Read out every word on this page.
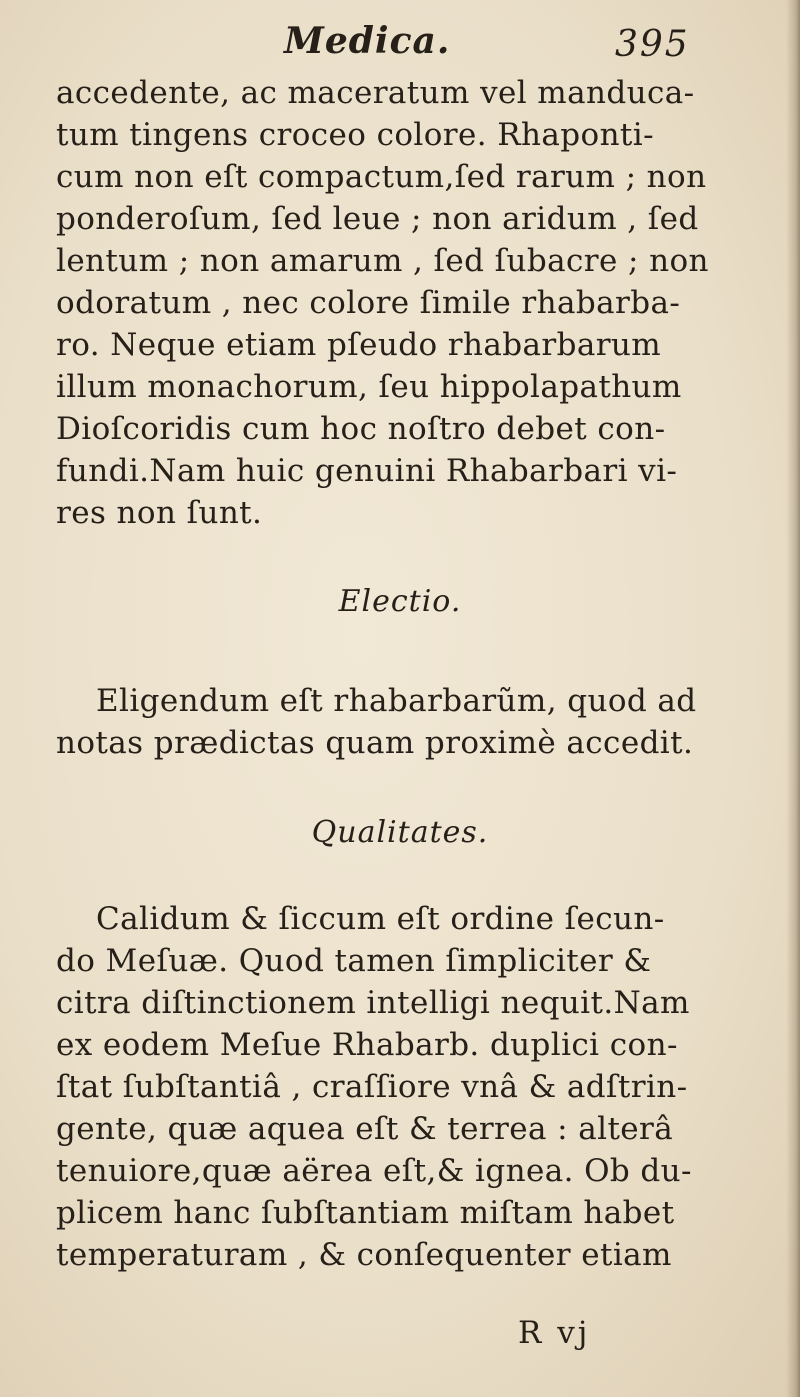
Medica.	395
accedente, ac maceratum vel manduca-
tum tingens croceo colore. Rhaponti-
cum non eſt compactum,ſed rarum ; non
ponderoſum, ſed leue ; non aridum , ſed
lentum ; non amarum , ſed ſubacre ; non
odoratum , nec colore ſimile rhabarba-
ro. Neque etiam pſeudo rhabarbarum
illum monachorum, ſeu hippolapathum
Dioſcoridis cum hoc noſtro debet con-
fundi.Nam huic genuini Rhabarbari vi-
res non ſunt.
Electio.
Eligendum eſt rhabarbarũm, quod ad
notas prædictas quam proximè accedit.
Qualitates.
Calidum & ſiccum eſt ordine ſecun-
do Meſuæ. Quod tamen ſimpliciter &
citra diſtinctionem intelligi nequit.Nam
ex eodem Meſue Rhabarb. duplici con-
ſtat ſubſtantiâ , craſſiore vnâ & adſtrin-
gente, quæ aquea eſt & terrea : alterâ
tenuiore,quæ aërea eſt,& ignea. Ob du-
plicem hanc ſubſtantiam miſtam habet
temperaturam , & conſequenter etiam
R vj
